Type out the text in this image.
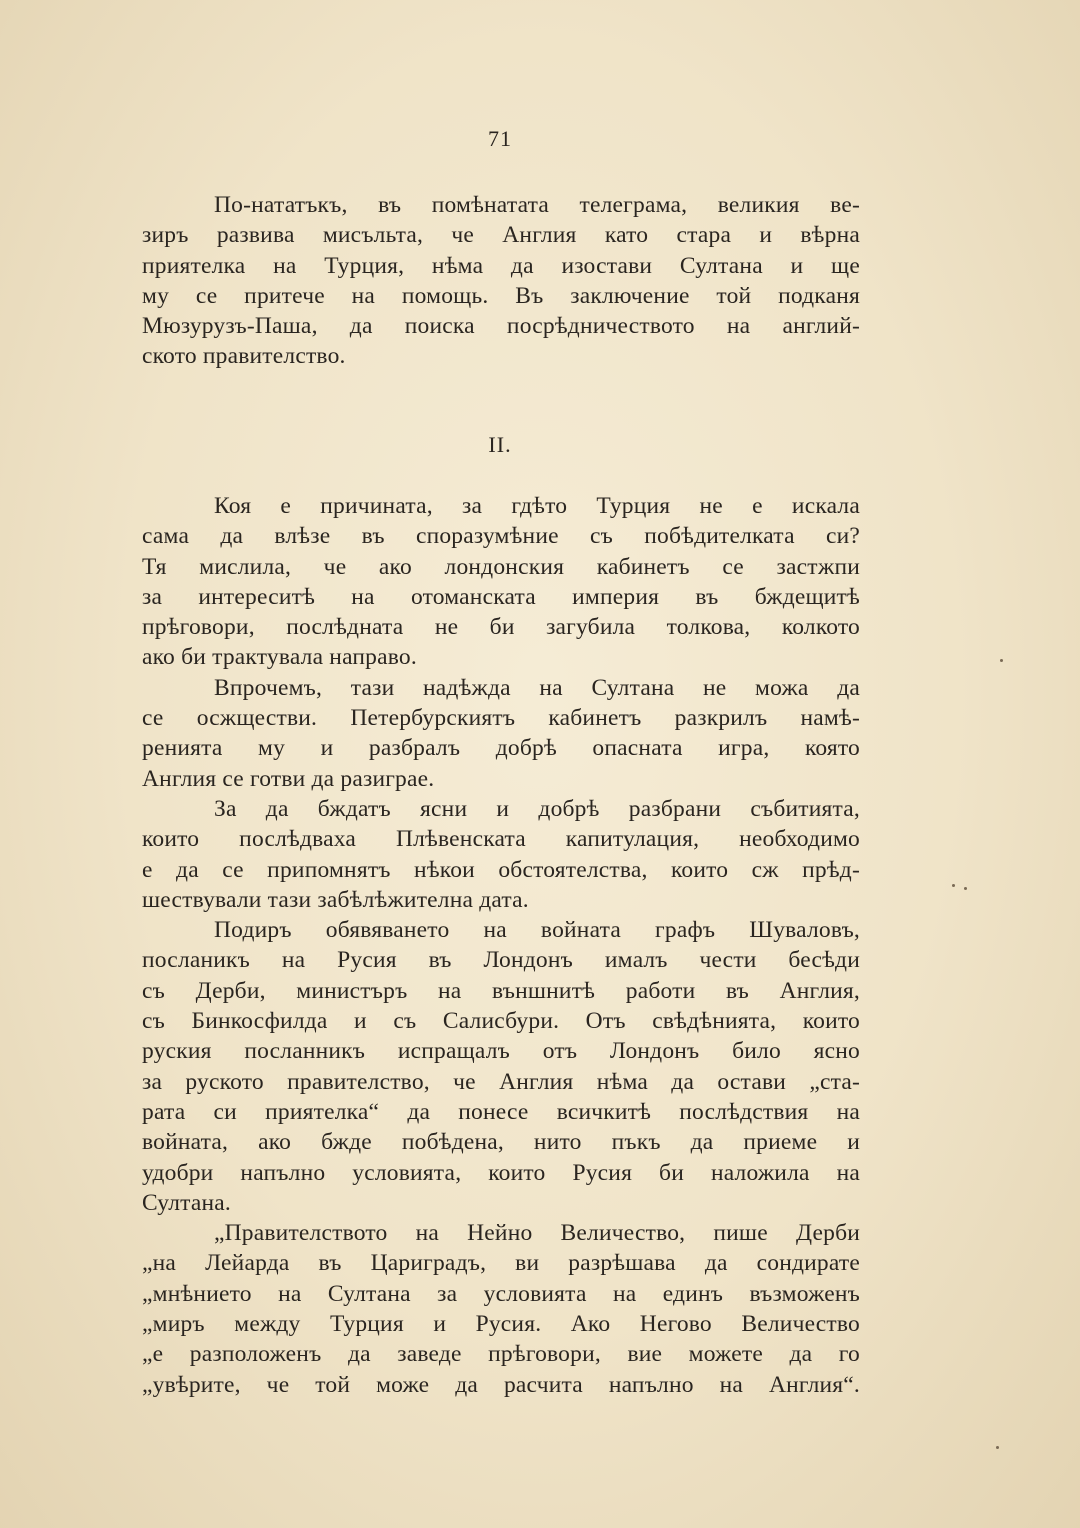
71
По-нататъкъ, въ помѣнатата телеграма, великия ве-
зиръ развива мисъльта, че Англия като стара и вѣрна
приятелка на Турция, нѣма да изостави Султана и ще
му се притече на помощь. Въ заключение той подканя
Мюзурузъ-Паша, да поиска посрѣдничеството на англий-
ското правителство.
II.
Коя е причината, за гдѣто Турция не е искала
сама да влѣзе въ споразумѣние съ побѣдителката си?
Тя мислила, че ако лондонския кабинетъ се застжпи
за интереситѣ на отоманската империя въ бждещитѣ
прѣговори, послѣдната не би загубила толкова, колкото
ако би трактувала направо.
Впрочемъ, тази надѣжда на Султана не можа да
се осжществи. Петербурскиятъ кабинетъ разкрилъ намѣ-
ренията му и разбралъ добрѣ опасната игра, която
Англия се готви да разиграе.
За да бждатъ ясни и добрѣ разбрани събитията,
които послѣдваха Плѣвенската капитулация, необходимо
е да се припомнятъ нѣкои обстоятелства, които сж прѣд-
шествували тази забѣлѣжителна дата.
Подиръ обявяването на войната графъ Шуваловъ,
посланикъ на Русия въ Лондонъ имaлъ чести бесѣди
съ Дерби, министъръ на външнитѣ работи въ Англия,
съ Бинкосфилда и съ Салисбури. Отъ свѣдѣнията, които
руския посланникъ испращалъ отъ Лондонъ било ясно
за руското правителство, че Англия нѣма да остави „ста-
рата си приятелка“ да понесе всичкитѣ послѣдствия на
войната, ако бжде побѣдена, нито пъкъ да приеме и
удобри напълно условията, които Русия би наложила на
Султана.
„Правителството на Нейно Величество, пише Дерби
„на Лейарда въ Цариградъ, ви разрѣшава да сондирате
„мнѣнието на Султана за условията на единъ възможенъ
„миръ между Турция и Русия. Ако Негово Величество
„е разположенъ да заведе прѣговори, вие можете да го
„увѣрите, че той може да расчита напълно на Англия“.
